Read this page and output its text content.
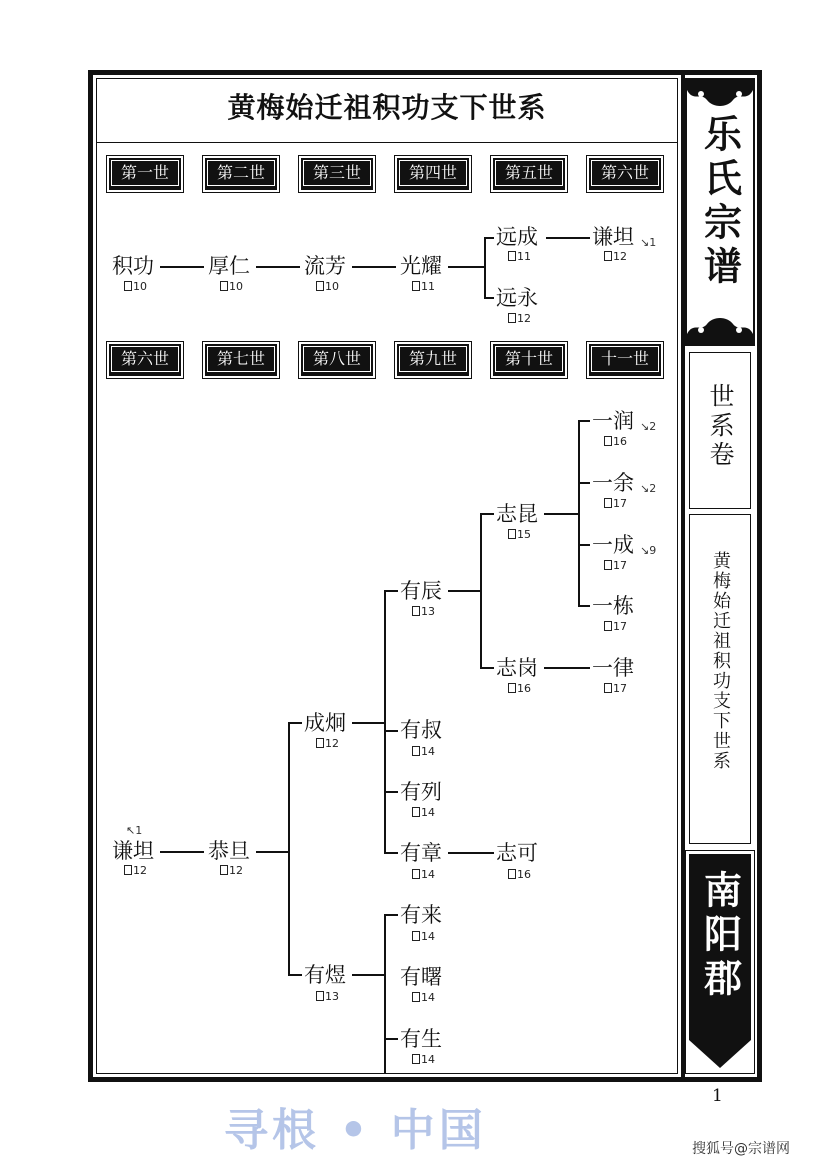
黄梅始迁祖积功支下世系
第一世	第二世	第三世	第四世	第五世	第六世
积功
10
厚仁
10
流芳
10
光耀
11
远成
11
远永
12
谦坦 ↘1
12
第六世	第七世	第八世	第九世	第十世	十一世
↖1
谦坦
12
恭旦
12
成炯
12
有煜
13
有辰
13
有叔
14
有列
14
有章
14
有来
14
有曙
14
有生
14
志昆
15
志岗
16
志可
16
一润 ↘2
16
一余 ↘2
17
一成 ↘9
17
一栋
17
一律
17
乐氏宗谱
世系卷
黄梅始迁祖积功支下世系
南阳郡
1
寻根 • 中国	搜狐号@宗谱网
